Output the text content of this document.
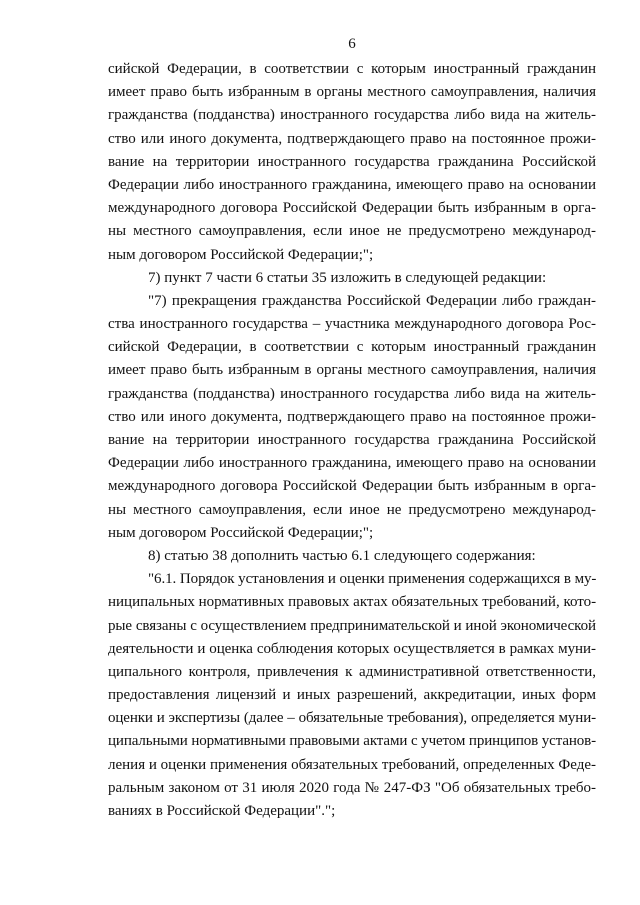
6
сийской Федерации, в соответствии с которым иностранный гражданин
имеет право быть избранным в органы местного самоуправления, наличия
гражданства (подданства) иностранного государства либо вида на житель-
ство или иного документа, подтверждающего право на постоянное прожи-
вание на территории иностранного государства гражданина Российской
Федерации либо иностранного гражданина, имеющего право на основании
международного договора Российской Федерации быть избранным в орга-
ны местного самоуправления, если иное не предусмотрено международ-
ным договором Российской Федерации;";
7) пункт 7 части 6 статьи 35 изложить в следующей редакции:
"7) прекращения гражданства Российской Федерации либо граждан-
ства иностранного государства – участника международного договора Рос-
сийской Федерации, в соответствии с которым иностранный гражданин
имеет право быть избранным в органы местного самоуправления, наличия
гражданства (подданства) иностранного государства либо вида на житель-
ство или иного документа, подтверждающего право на постоянное прожи-
вание на территории иностранного государства гражданина Российской
Федерации либо иностранного гражданина, имеющего право на основании
международного договора Российской Федерации быть избранным в орга-
ны местного самоуправления, если иное не предусмотрено международ-
ным договором Российской Федерации;";
8) статью 38 дополнить частью 6.1 следующего содержания:
"6.1. Порядок установления и оценки применения содержащихся в му-
ниципальных нормативных правовых актах обязательных требований, кото-
рые связаны с осуществлением предпринимательской и иной экономической
деятельности и оценка соблюдения которых осуществляется в рамках муни-
ципального контроля, привлечения к административной ответственности,
предоставления лицензий и иных разрешений, аккредитации, иных форм
оценки и экспертизы (далее – обязательные требования), определяется муни-
ципальными нормативными правовыми актами с учетом принципов установ-
ления и оценки применения обязательных требований, определенных Феде-
ральным законом от 31 июля 2020 года № 247-ФЗ "Об обязательных требо-
ваниях в Российской Федерации".";
